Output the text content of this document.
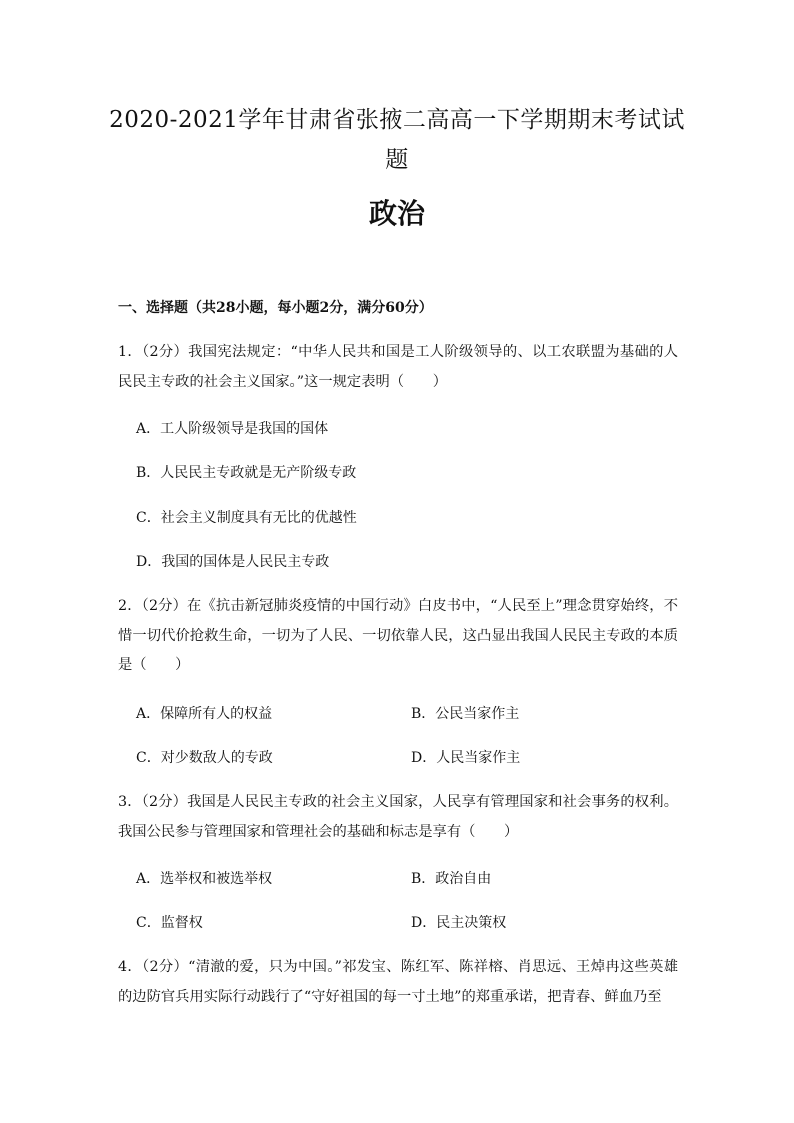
2020-2021学年甘肃省张掖二高高一下学期期末考试试题
政治
一、选择题（共28小题，每小题2分，满分60分）
1．（2分）我国宪法规定：“中华人民共和国是工人阶级领导的、以工农联盟为基础的人民民主专政的社会主义国家。”这一规定表明（　　）
A．工人阶级领导是我国的国体
B．人民民主专政就是无产阶级专政
C．社会主义制度具有无比的优越性
D．我国的国体是人民民主专政
2．（2分）在《抗击新冠肺炎疫情的中国行动》白皮书中，“人民至上”理念贯穿始终，不惜一切代价抢救生命，一切为了人民、一切依靠人民，这凸显出我国人民民主专政的本质是（　　）
A．保障所有人的权益	B．公民当家作主
C．对少数敌人的专政	D．人民当家作主
3．（2分）我国是人民民主专政的社会主义国家，人民享有管理国家和社会事务的权利。我国公民参与管理国家和管理社会的基础和标志是享有（　　）
A．选举权和被选举权	B．政治自由
C．监督权	D．民主决策权
4．（2分）“清澈的爱，只为中国。”祁发宝、陈红军、陈祥榕、肖思远、王焯冉这些英雄的边防官兵用实际行动践行了“守好祖国的每一寸土地”的郑重承诺，把青春、鲜血乃至
